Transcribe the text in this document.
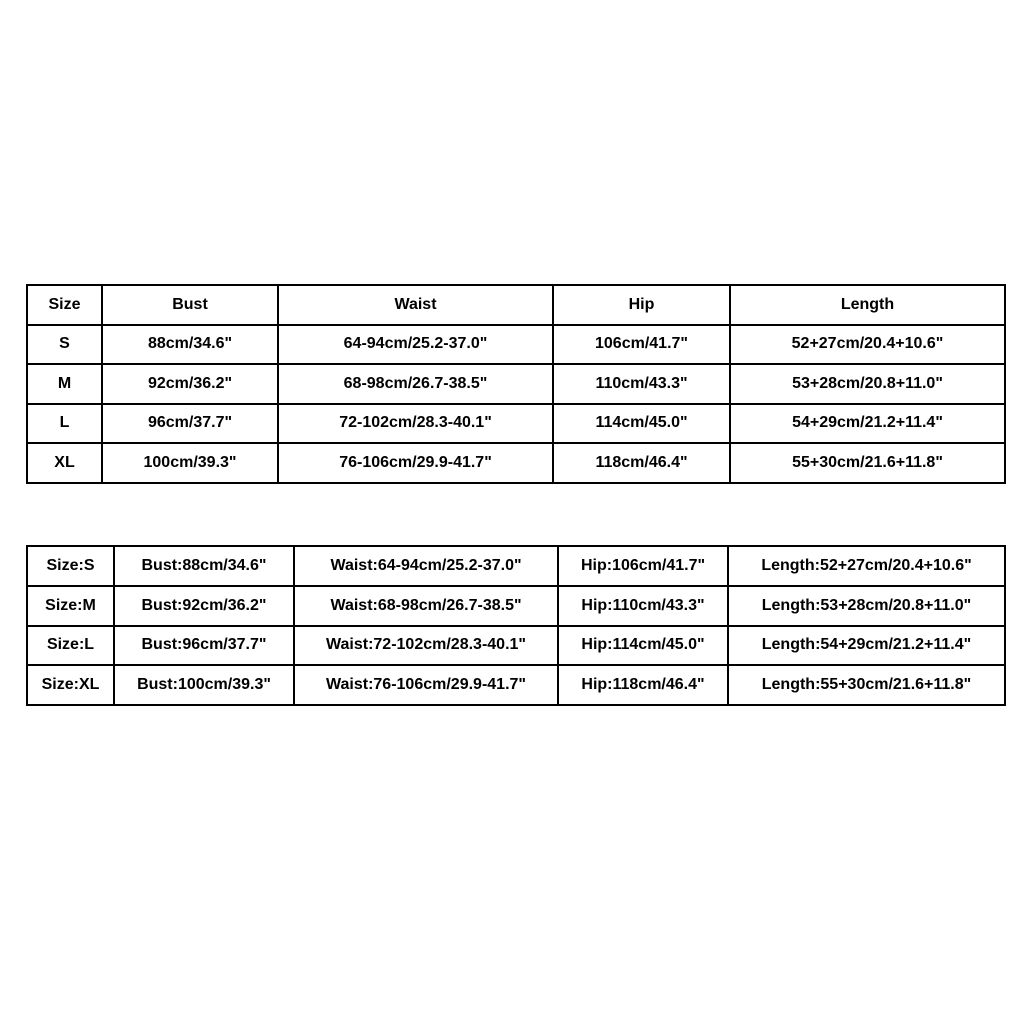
Size	Bust	Waist	Hip	Length
S	88cm/34.6"	64-94cm/25.2-37.0"	106cm/41.7"	52+27cm/20.4+10.6"
M	92cm/36.2"	68-98cm/26.7-38.5"	110cm/43.3"	53+28cm/20.8+11.0"
L	96cm/37.7"	72-102cm/28.3-40.1"	114cm/45.0"	54+29cm/21.2+11.4"
XL	100cm/39.3"	76-106cm/29.9-41.7"	118cm/46.4"	55+30cm/21.6+11.8"
Size:S	Bust:88cm/34.6"	Waist:64-94cm/25.2-37.0"	Hip:106cm/41.7"	Length:52+27cm/20.4+10.6"
Size:M	Bust:92cm/36.2"	Waist:68-98cm/26.7-38.5"	Hip:110cm/43.3"	Length:53+28cm/20.8+11.0"
Size:L	Bust:96cm/37.7"	Waist:72-102cm/28.3-40.1"	Hip:114cm/45.0"	Length:54+29cm/21.2+11.4"
Size:XL	Bust:100cm/39.3"	Waist:76-106cm/29.9-41.7"	Hip:118cm/46.4"	Length:55+30cm/21.6+11.8"
